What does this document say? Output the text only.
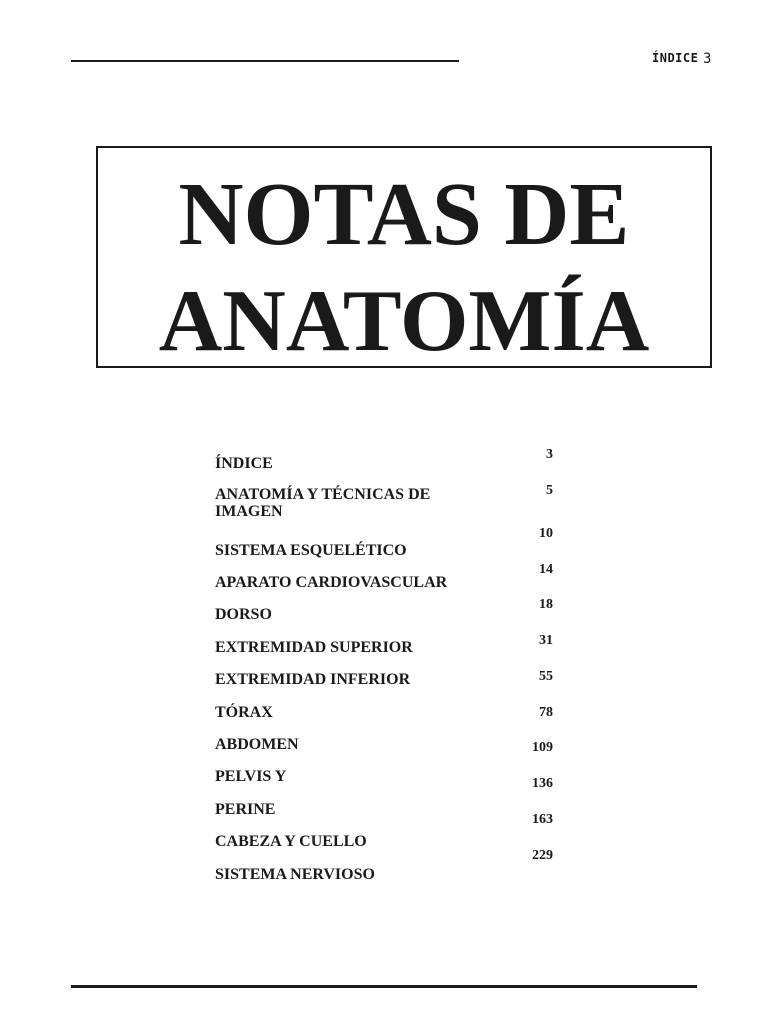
ÍNDICE 3
NOTAS DE
ANATOMÍA
ÍNDICE
ANATOMÍA Y TÉCNICAS DE IMAGEN
SISTEMA ESQUELÉTICO
APARATO CARDIOVASCULAR
DORSO
EXTREMIDAD SUPERIOR
EXTREMIDAD INFERIOR
TÓRAX
ABDOMEN
PELVIS Y
PERINE
CABEZA Y CUELLO
SISTEMA NERVIOSO
3
5
10
14
18
31
55
78
109
136
163
229
